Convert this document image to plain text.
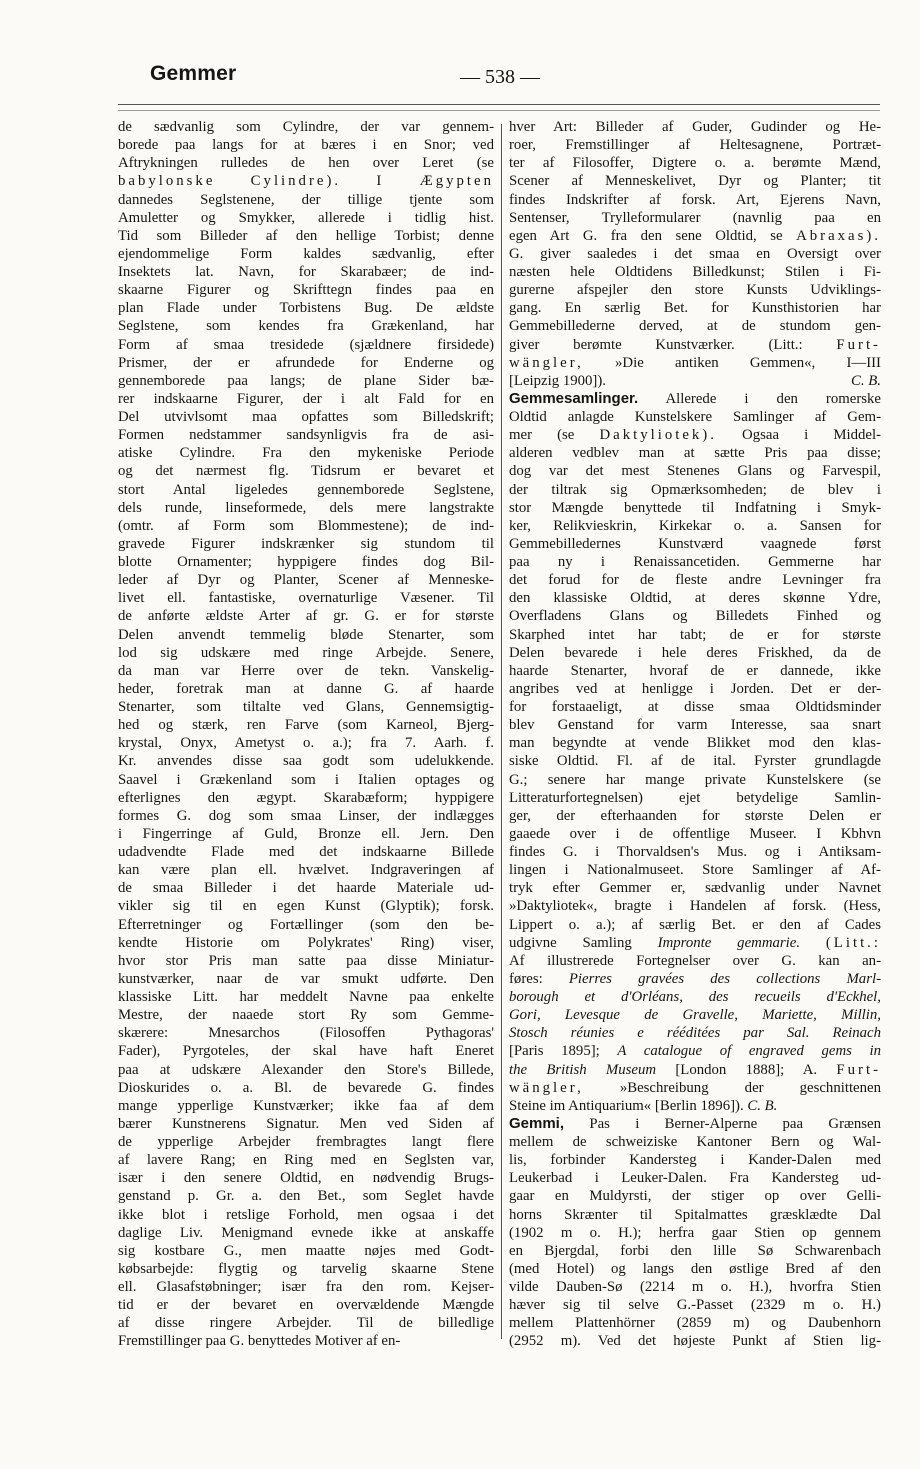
Gemmer	— 538 —
de sædvanlig som Cylindre, der var gennem-
borede paa langs for at bæres i en Snor; ved
Aftrykningen rulledes de hen over Leret (se
babylonske Cylindre). I Ægypten
dannedes Seglstenene, der tillige tjente som
Amuletter og Smykker, allerede i tidlig hist.
Tid som Billeder af den hellige Torbist; denne
ejendommelige Form kaldes sædvanlig, efter
Insektets lat. Navn, for Skarabæer; de ind-
skaarne Figurer og Skrifttegn findes paa en
plan Flade under Torbistens Bug. De ældste
Seglstene, som kendes fra Grækenland, har
Form af smaa tresidede (sjældnere firsidede)
Prismer, der er afrundede for Enderne og
gennemborede paa langs; de plane Sider bæ-
rer indskaarne Figurer, der i alt Fald for en
Del utvivlsomt maa opfattes som Billedskrift;
Formen nedstammer sandsynligvis fra de asi-
atiske Cylindre. Fra den mykeniske Periode
og det nærmest flg. Tidsrum er bevaret et
stort Antal ligeledes gennemborede Seglstene,
dels runde, linseformede, dels mere langstrakte
(omtr. af Form som Blommestene); de ind-
gravede Figurer indskrænker sig stundom til
blotte Ornamenter; hyppigere findes dog Bil-
leder af Dyr og Planter, Scener af Menneske-
livet ell. fantastiske, overnaturlige Væsener. Til
de anførte ældste Arter af gr. G. er for største
Delen anvendt temmelig bløde Stenarter, som
lod sig udskære med ringe Arbejde. Senere,
da man var Herre over de tekn. Vanskelig-
heder, foretrak man at danne G. af haarde
Stenarter, som tiltalte ved Glans, Gennemsigtig-
hed og stærk, ren Farve (som Karneol, Bjerg-
krystal, Onyx, Ametyst o. a.); fra 7. Aarh. f.
Kr. anvendes disse saa godt som udelukkende.
Saavel i Grækenland som i Italien optages og
efterlignes den ægypt. Skarabæform; hyppigere
formes G. dog som smaa Linser, der indlægges
i Fingerringe af Guld, Bronze ell. Jern. Den
udadvendte Flade med det indskaarne Billede
kan være plan ell. hvælvet. Indgraveringen af
de smaa Billeder i det haarde Materiale ud-
vikler sig til en egen Kunst (Glyptik); forsk.
Efterretninger og Fortællinger (som den be-
kendte Historie om Polykrates' Ring) viser,
hvor stor Pris man satte paa disse Miniatur-
kunstværker, naar de var smukt udførte. Den
klassiske Litt. har meddelt Navne paa enkelte
Mestre, der naaede stort Ry som Gemme-
skærere: Mnesarchos (Filosoffen Pythagoras'
Fader), Pyrgoteles, der skal have haft Eneret
paa at udskære Alexander den Store's Billede,
Dioskurides o. a. Bl. de bevarede G. findes
mange ypperlige Kunstværker; ikke faa af dem
bærer Kunstnerens Signatur. Men ved Siden af
de ypperlige Arbejder frembragtes langt flere
af lavere Rang; en Ring med en Seglsten var,
især i den senere Oldtid, en nødvendig Brugs-
genstand p. Gr. a. den Bet., som Seglet havde
ikke blot i retslige Forhold, men ogsaa i det
daglige Liv. Menigmand evnede ikke at anskaffe
sig kostbare G., men maatte nøjes med Godt-
købsarbejde: flygtig og tarvelig skaarne Stene
ell. Glasafstøbninger; især fra den rom. Kejser-
tid er der bevaret en overvældende Mængde
af disse ringere Arbejder. Til de billedlige
Fremstillinger paa G. benyttedes Motiver af en-
hver Art: Billeder af Guder, Gudinder og He-
roer, Fremstillinger af Heltesagnene, Portræt-
ter af Filosoffer, Digtere o. a. berømte Mænd,
Scener af Menneskelivet, Dyr og Planter; tit
findes Indskrifter af forsk. Art, Ejerens Navn,
Sentenser, Trylleformularer (navnlig paa en
egen Art G. fra den sene Oldtid, se Abraxas).
G. giver saaledes i det smaa en Oversigt over
næsten hele Oldtidens Billedkunst; Stilen i Fi-
gurerne afspejler den store Kunsts Udviklings-
gang. En særlig Bet. for Kunsthistorien har
Gemmebillederne derved, at de stundom gen-
giver berømte Kunstværker. (Litt.: Furt-
wängler, »Die antiken Gemmen«, I—III
[Leipzig 1900]).	C. B.
Gemmesamlinger. Allerede i den romerske
Oldtid anlagde Kunstelskere Samlinger af Gem-
mer (se Daktyliotek). Ogsaa i Middel-
alderen vedblev man at sætte Pris paa disse;
dog var det mest Stenenes Glans og Farvespil,
der tiltrak sig Opmærksomheden; de blev i
stor Mængde benyttede til Indfatning i Smyk-
ker, Relikvieskrin, Kirkekar o. a. Sansen for
Gemmebilledernes Kunstværd vaagnede først
paa ny i Renaissancetiden. Gemmerne har
det forud for de fleste andre Levninger fra
den klassiske Oldtid, at deres skønne Ydre,
Overfladens Glans og Billedets Finhed og
Skarphed intet har tabt; de er for største
Delen bevarede i hele deres Friskhed, da de
haarde Stenarter, hvoraf de er dannede, ikke
angribes ved at henligge i Jorden. Det er der-
for forstaaeligt, at disse smaa Oldtidsminder
blev Genstand for varm Interesse, saa snart
man begyndte at vende Blikket mod den klas-
siske Oldtid. Fl. af de ital. Fyrster grundlagde
G.; senere har mange private Kunstelskere (se
Litteraturfortegnelsen) ejet betydelige Samlin-
ger, der efterhaanden for største Delen er
gaaede over i de offentlige Museer. I Kbhvn
findes G. i Thorvaldsen's Mus. og i Antiksam-
lingen i Nationalmuseet. Store Samlinger af Af-
tryk efter Gemmer er, sædvanlig under Navnet
»Daktyliotek«, bragte i Handelen af forsk. (Hess,
Lippert o. a.); af særlig Bet. er den af Cades
udgivne Samling Impronte gemmarie. (Litt.:
Af illustrerede Fortegnelser over G. kan an-
føres: Pierres gravées des collections Marl-
borough et d'Orléans, des recueils d'Eckhel,
Gori, Levesque de Gravelle, Mariette, Millin,
Stosch réunies e rééditées par Sal. Reinach
[Paris 1895]; A catalogue of engraved gems in
the British Museum [London 1888]; A. Furt-
wängler, »Beschreibung der geschnittenen
Steine im Antiquarium« [Berlin 1896]). C. B.
Gemmi, Pas i Berner-Alperne paa Grænsen
mellem de schweiziske Kantoner Bern og Wal-
lis, forbinder Kandersteg i Kander-Dalen med
Leukerbad i Leuker-Dalen. Fra Kandersteg ud-
gaar en Muldyrsti, der stiger op over Gelli-
horns Skrænter til Spitalmattes græsklædte Dal
(1902 m o. H.); herfra gaar Stien op gennem
en Bjergdal, forbi den lille Sø Schwarenbach
(med Hotel) og langs den østlige Bred af den
vilde Dauben-Sø (2214 m o. H.), hvorfra Stien
hæver sig til selve G.-Passet (2329 m o. H.)
mellem Plattenhörner (2859 m) og Daubenhorn
(2952 m). Ved det højeste Punkt af Stien lig-
